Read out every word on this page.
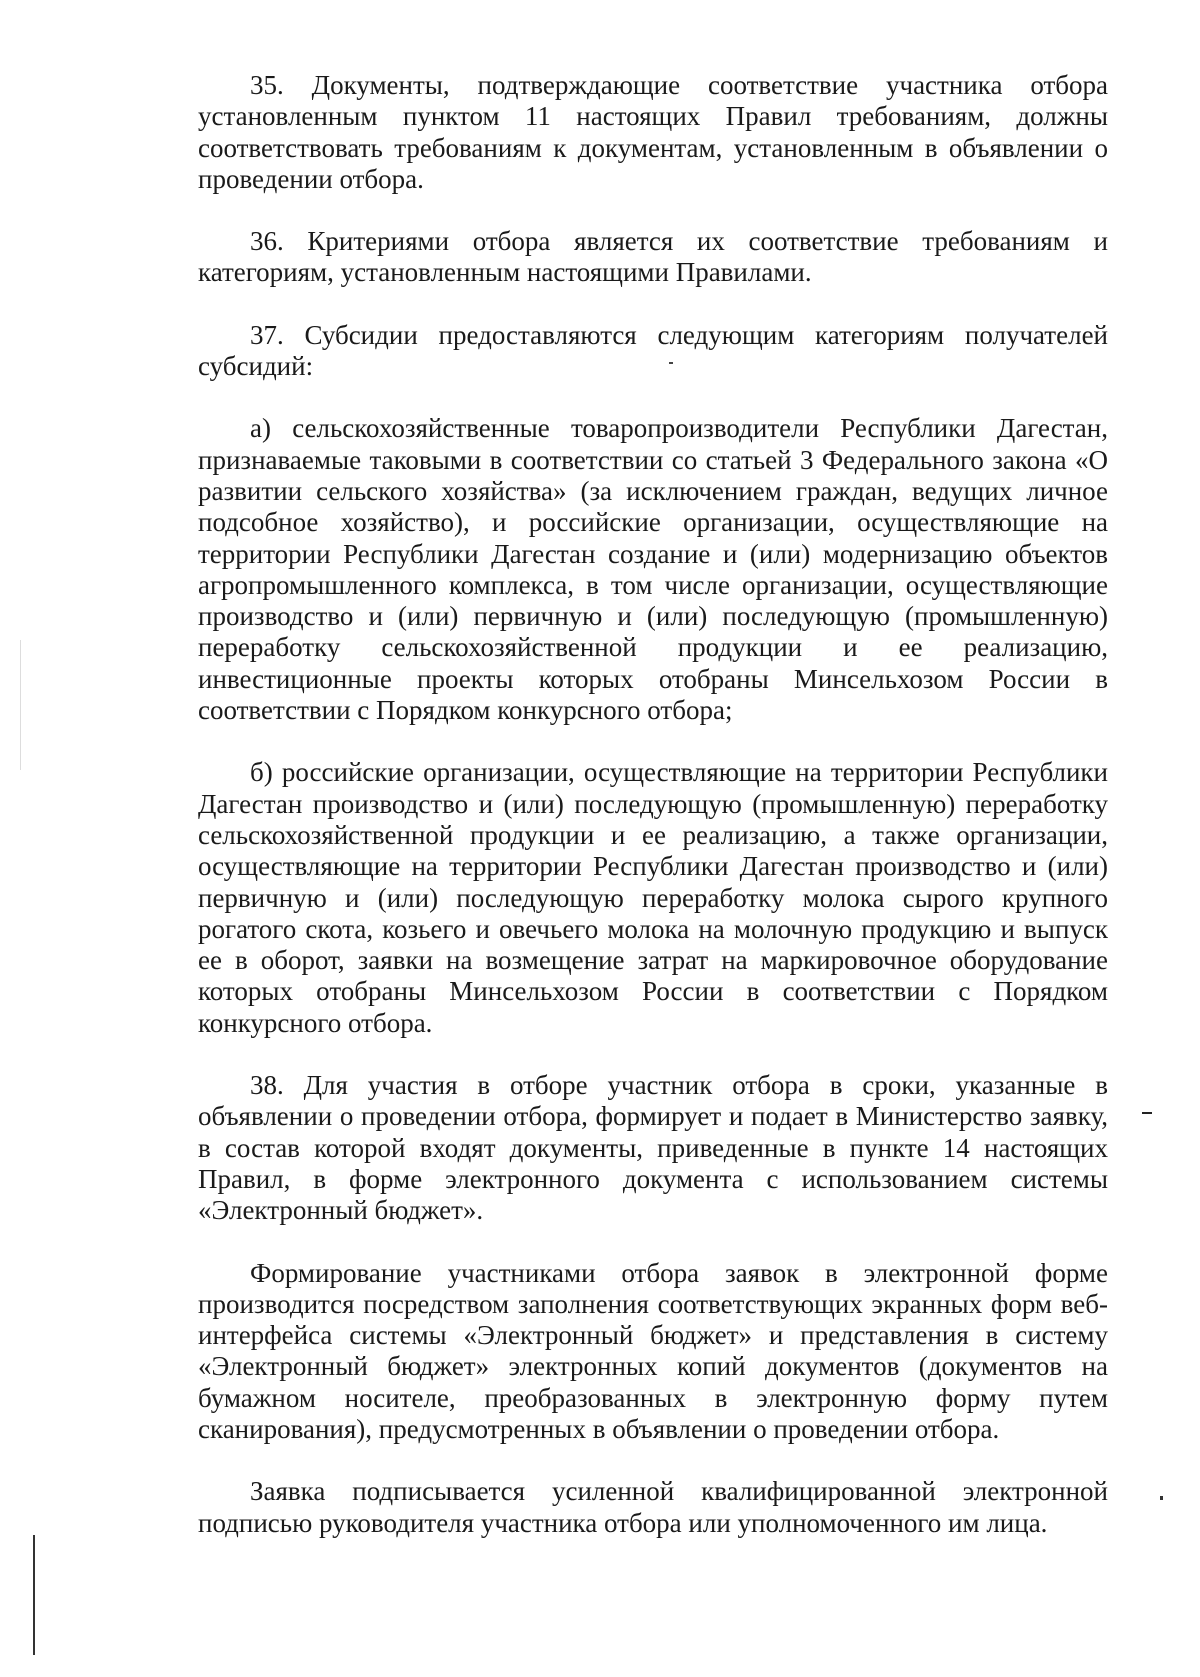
35. Документы, подтверждающие соответствие участника отбора установленным пунктом 11 настоящих Правил требованиям, должны соответствовать требованиям к документам, установленным в объявлении о проведении отбора.

36. Критериями отбора является их соответствие требованиям и категориям, установленным настоящими Правилами.

37. Субсидии предоставляются следующим категориям получателей субсидий:

а) сельскохозяйственные товаропроизводители Республики Дагестан, признаваемые таковыми в соответствии со статьей 3 Федерального закона «О развитии сельского хозяйства» (за исключением граждан, ведущих личное подсобное хозяйство), и российские организации, осуществляющие на территории Республики Дагестан создание и (или) модернизацию объектов агропромышленного комплекса, в том числе организации, осуществляющие производство и (или) первичную и (или) последующую (промышленную) переработку сельскохозяйственной продукции и ее реализацию, инвестиционные проекты которых отобраны Минсельхозом России в соответствии с Порядком конкурсного отбора;

б) российские организации, осуществляющие на территории Республики Дагестан производство и (или) последующую (промышленную) переработку сельскохозяйственной продукции и ее реализацию, а также организации, осуществляющие на территории Республики Дагестан производство и (или) первичную и (или) последующую переработку молока сырого крупного рогатого скота, козьего и овечьего молока на молочную продукцию и выпуск ее в оборот, заявки на возмещение затрат на маркировочное оборудование которых отобраны Минсельхозом России в соответствии с Порядком конкурсного отбора.

38. Для участия в отборе участник отбора в сроки, указанные в объявлении о проведении отбора, формирует и подает в Министерство заявку, в состав которой входят документы, приведенные в пункте 14 настоящих Правил, в форме электронного документа с использованием системы «Электронный бюджет».

Формирование участниками отбора заявок в электронной форме производится посредством заполнения соответствующих экранных форм веб-интерфейса системы «Электронный бюджет» и представления в систему «Электронный бюджет» электронных копий документов (документов на бумажном носителе, преобразованных в электронную форму путем сканирования), предусмотренных в объявлении о проведении отбора.

Заявка подписывается усиленной квалифицированной электронной подписью руководителя участника отбора или уполномоченного им лица.
